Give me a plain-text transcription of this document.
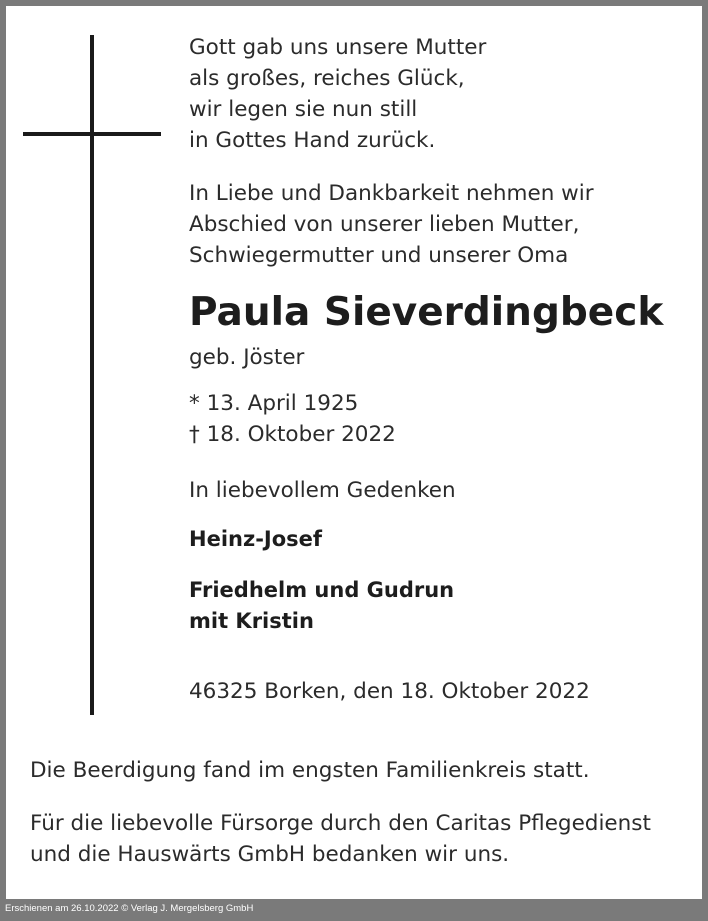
Gott gab uns unsere Mutter
als großes, reiches Glück,
wir legen sie nun still
in Gottes Hand zurück.

In Liebe und Dankbarkeit nehmen wir
Abschied von unserer lieben Mutter,
Schwiegermutter und unserer Oma

Paula Sieverdingbeck

geb. Jöster

* 13. April 1925
† 18. Oktober 2022

In liebevollem Gedenken

Heinz-Josef

Friedhelm und Gudrun
mit Kristin

46325 Borken, den 18. Oktober 2022

Die Beerdigung fand im engsten Familienkreis statt.

Für die liebevolle Fürsorge durch den Caritas Pflegedienst
und die Hauswärts GmbH bedanken wir uns.

Erschienen am 26.10.2022 © Verlag J. Mergelsberg GmbH
